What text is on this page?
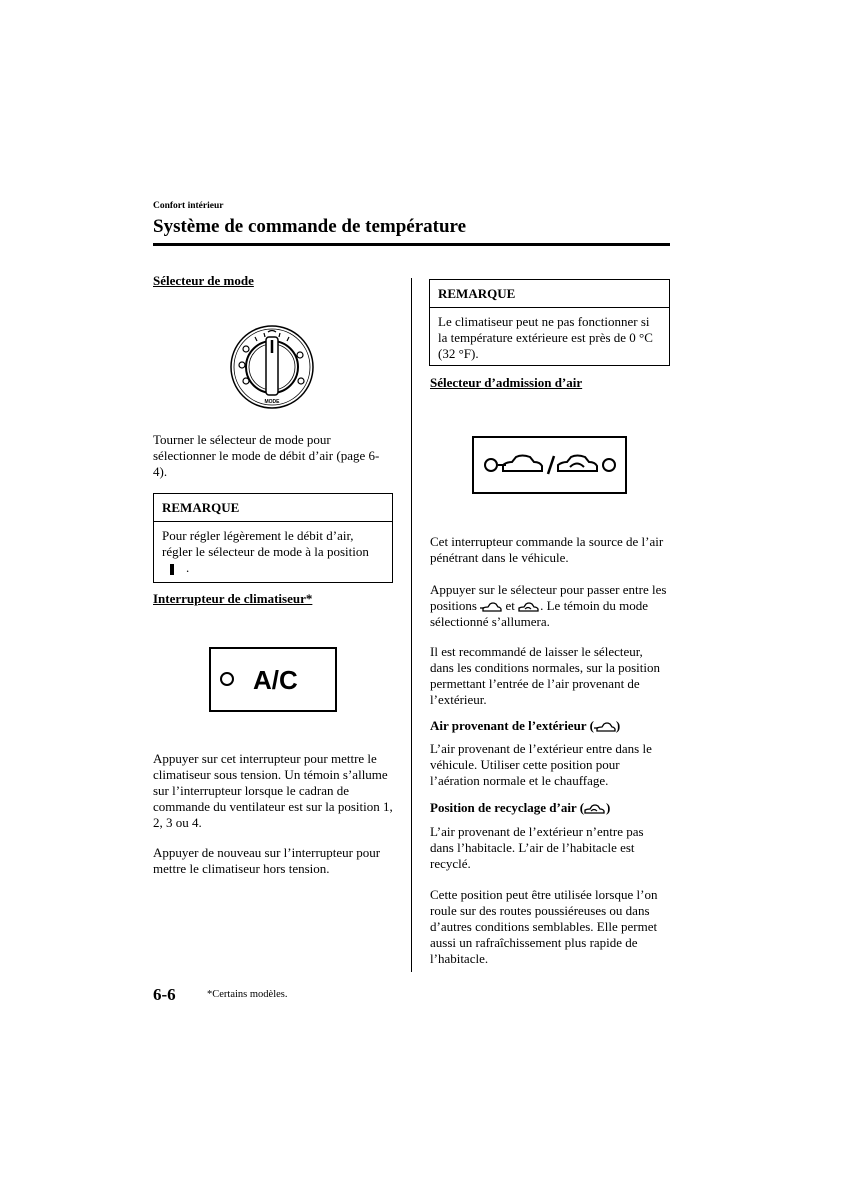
Confort intérieur
Système de commande de température
Sélecteur de mode
MODE
Tourner le sélecteur de mode pour sélectionner le mode de débit d’air (page 6-4).
REMARQUE
Pour régler légèrement le débit d’air, régler le sélecteur de mode à la position .
Interrupteur de climatiseur*
A/C
Appuyer sur cet interrupteur pour mettre le climatiseur sous tension. Un témoin s’allume sur l’interrupteur lorsque le cadran de commande du ventilateur est sur la position 1, 2, 3 ou 4.
Appuyer de nouveau sur l’interrupteur pour mettre le climatiseur hors tension.
REMARQUE
Le climatiseur peut ne pas fonctionner si la température extérieure est près de 0 °C (32 °F).
Sélecteur d’admission d’air
Cet interrupteur commande la source de l’air pénétrant dans le véhicule.
Appuyer sur le sélecteur pour passer entre les positions et . Le témoin du mode sélectionné s’allumera.
Il est recommandé de laisser le sélecteur, dans les conditions normales, sur la position permettant l’entrée de l’air provenant de l’extérieur.
Air provenant de l’extérieur ( )
L’air provenant de l’extérieur entre dans le véhicule. Utiliser cette position pour l’aération normale et le chauffage.
Position de recyclage d’air ( )
L’air provenant de l’extérieur n’entre pas dans l’habitacle. L’air de l’habitacle est recyclé.
Cette position peut être utilisée lorsque l’on roule sur des routes poussiéreuses ou dans d’autres conditions semblables. Elle permet aussi un rafraîchissement plus rapide de l’habitacle.
6-6	*Certains modèles.
